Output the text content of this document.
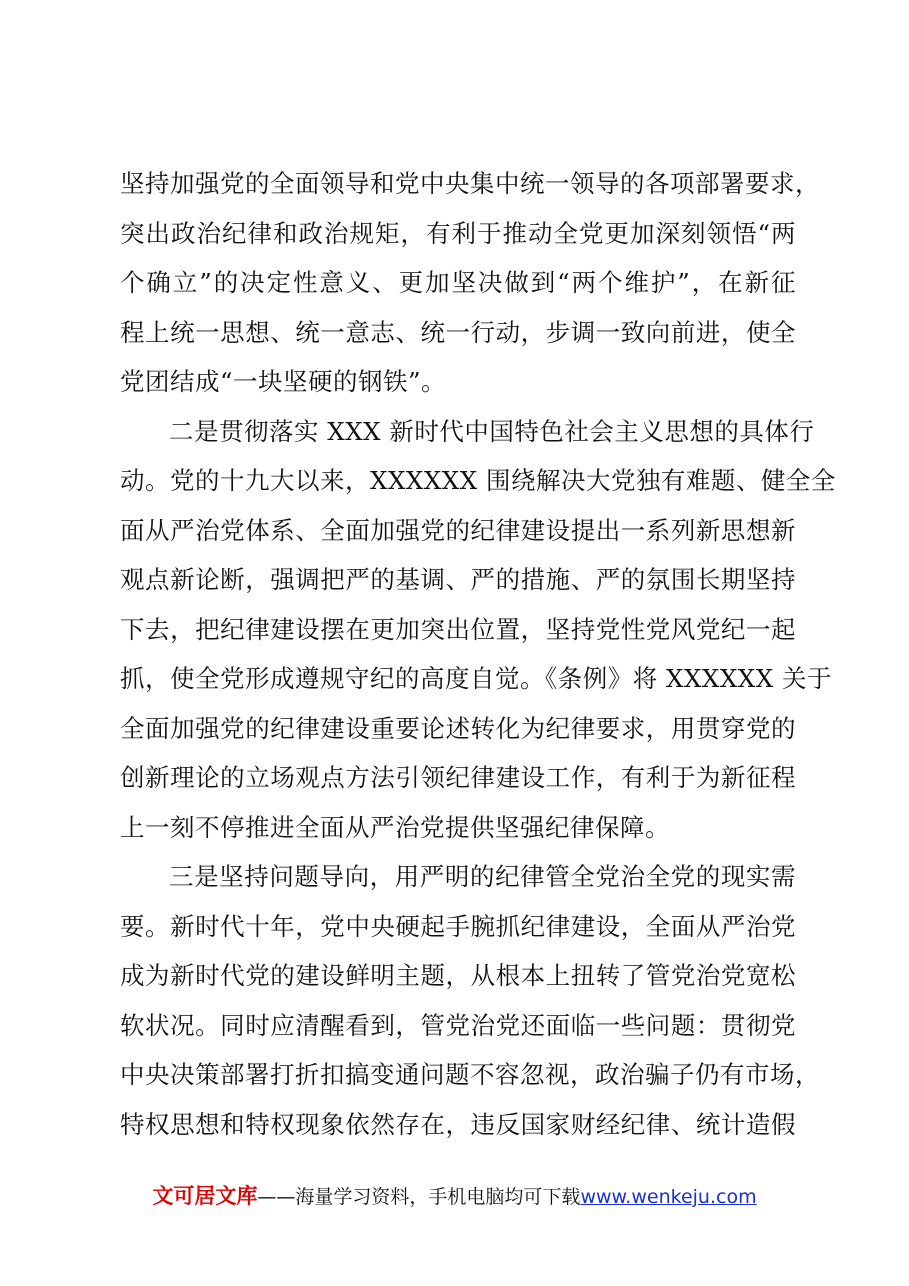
坚持加强党的全面领导和党中央集中统一领导的各项部署要求，
突出政治纪律和政治规矩，有利于推动全党更加深刻领悟“两
个确立”的决定性意义、更加坚决做到“两个维护”，在新征
程上统一思想、统一意志、统一行动，步调一致向前进，使全
党团结成“一块坚硬的钢铁”。
二是贯彻落实 XXX 新时代中国特色社会主义思想的具体行
动。党的十九大以来，XXXXXX 围绕解决大党独有难题、健全全
面从严治党体系、全面加强党的纪律建设提出一系列新思想新
观点新论断，强调把严的基调、严的措施、严的氛围长期坚持
下去，把纪律建设摆在更加突出位置，坚持党性党风党纪一起
抓，使全党形成遵规守纪的高度自觉。《条例》将 XXXXXX 关于
全面加强党的纪律建设重要论述转化为纪律要求，用贯穿党的
创新理论的立场观点方法引领纪律建设工作，有利于为新征程
上一刻不停推进全面从严治党提供坚强纪律保障。
三是坚持问题导向，用严明的纪律管全党治全党的现实需
要。新时代十年，党中央硬起手腕抓纪律建设，全面从严治党
成为新时代党的建设鲜明主题，从根本上扭转了管党治党宽松
软状况。同时应清醒看到，管党治党还面临一些问题：贯彻党
中央决策部署打折扣搞变通问题不容忽视，政治骗子仍有市场，
特权思想和特权现象依然存在，违反国家财经纪律、统计造假
文可居文库——海量学习资料，手机电脑均可下载www.wenkeju.com
